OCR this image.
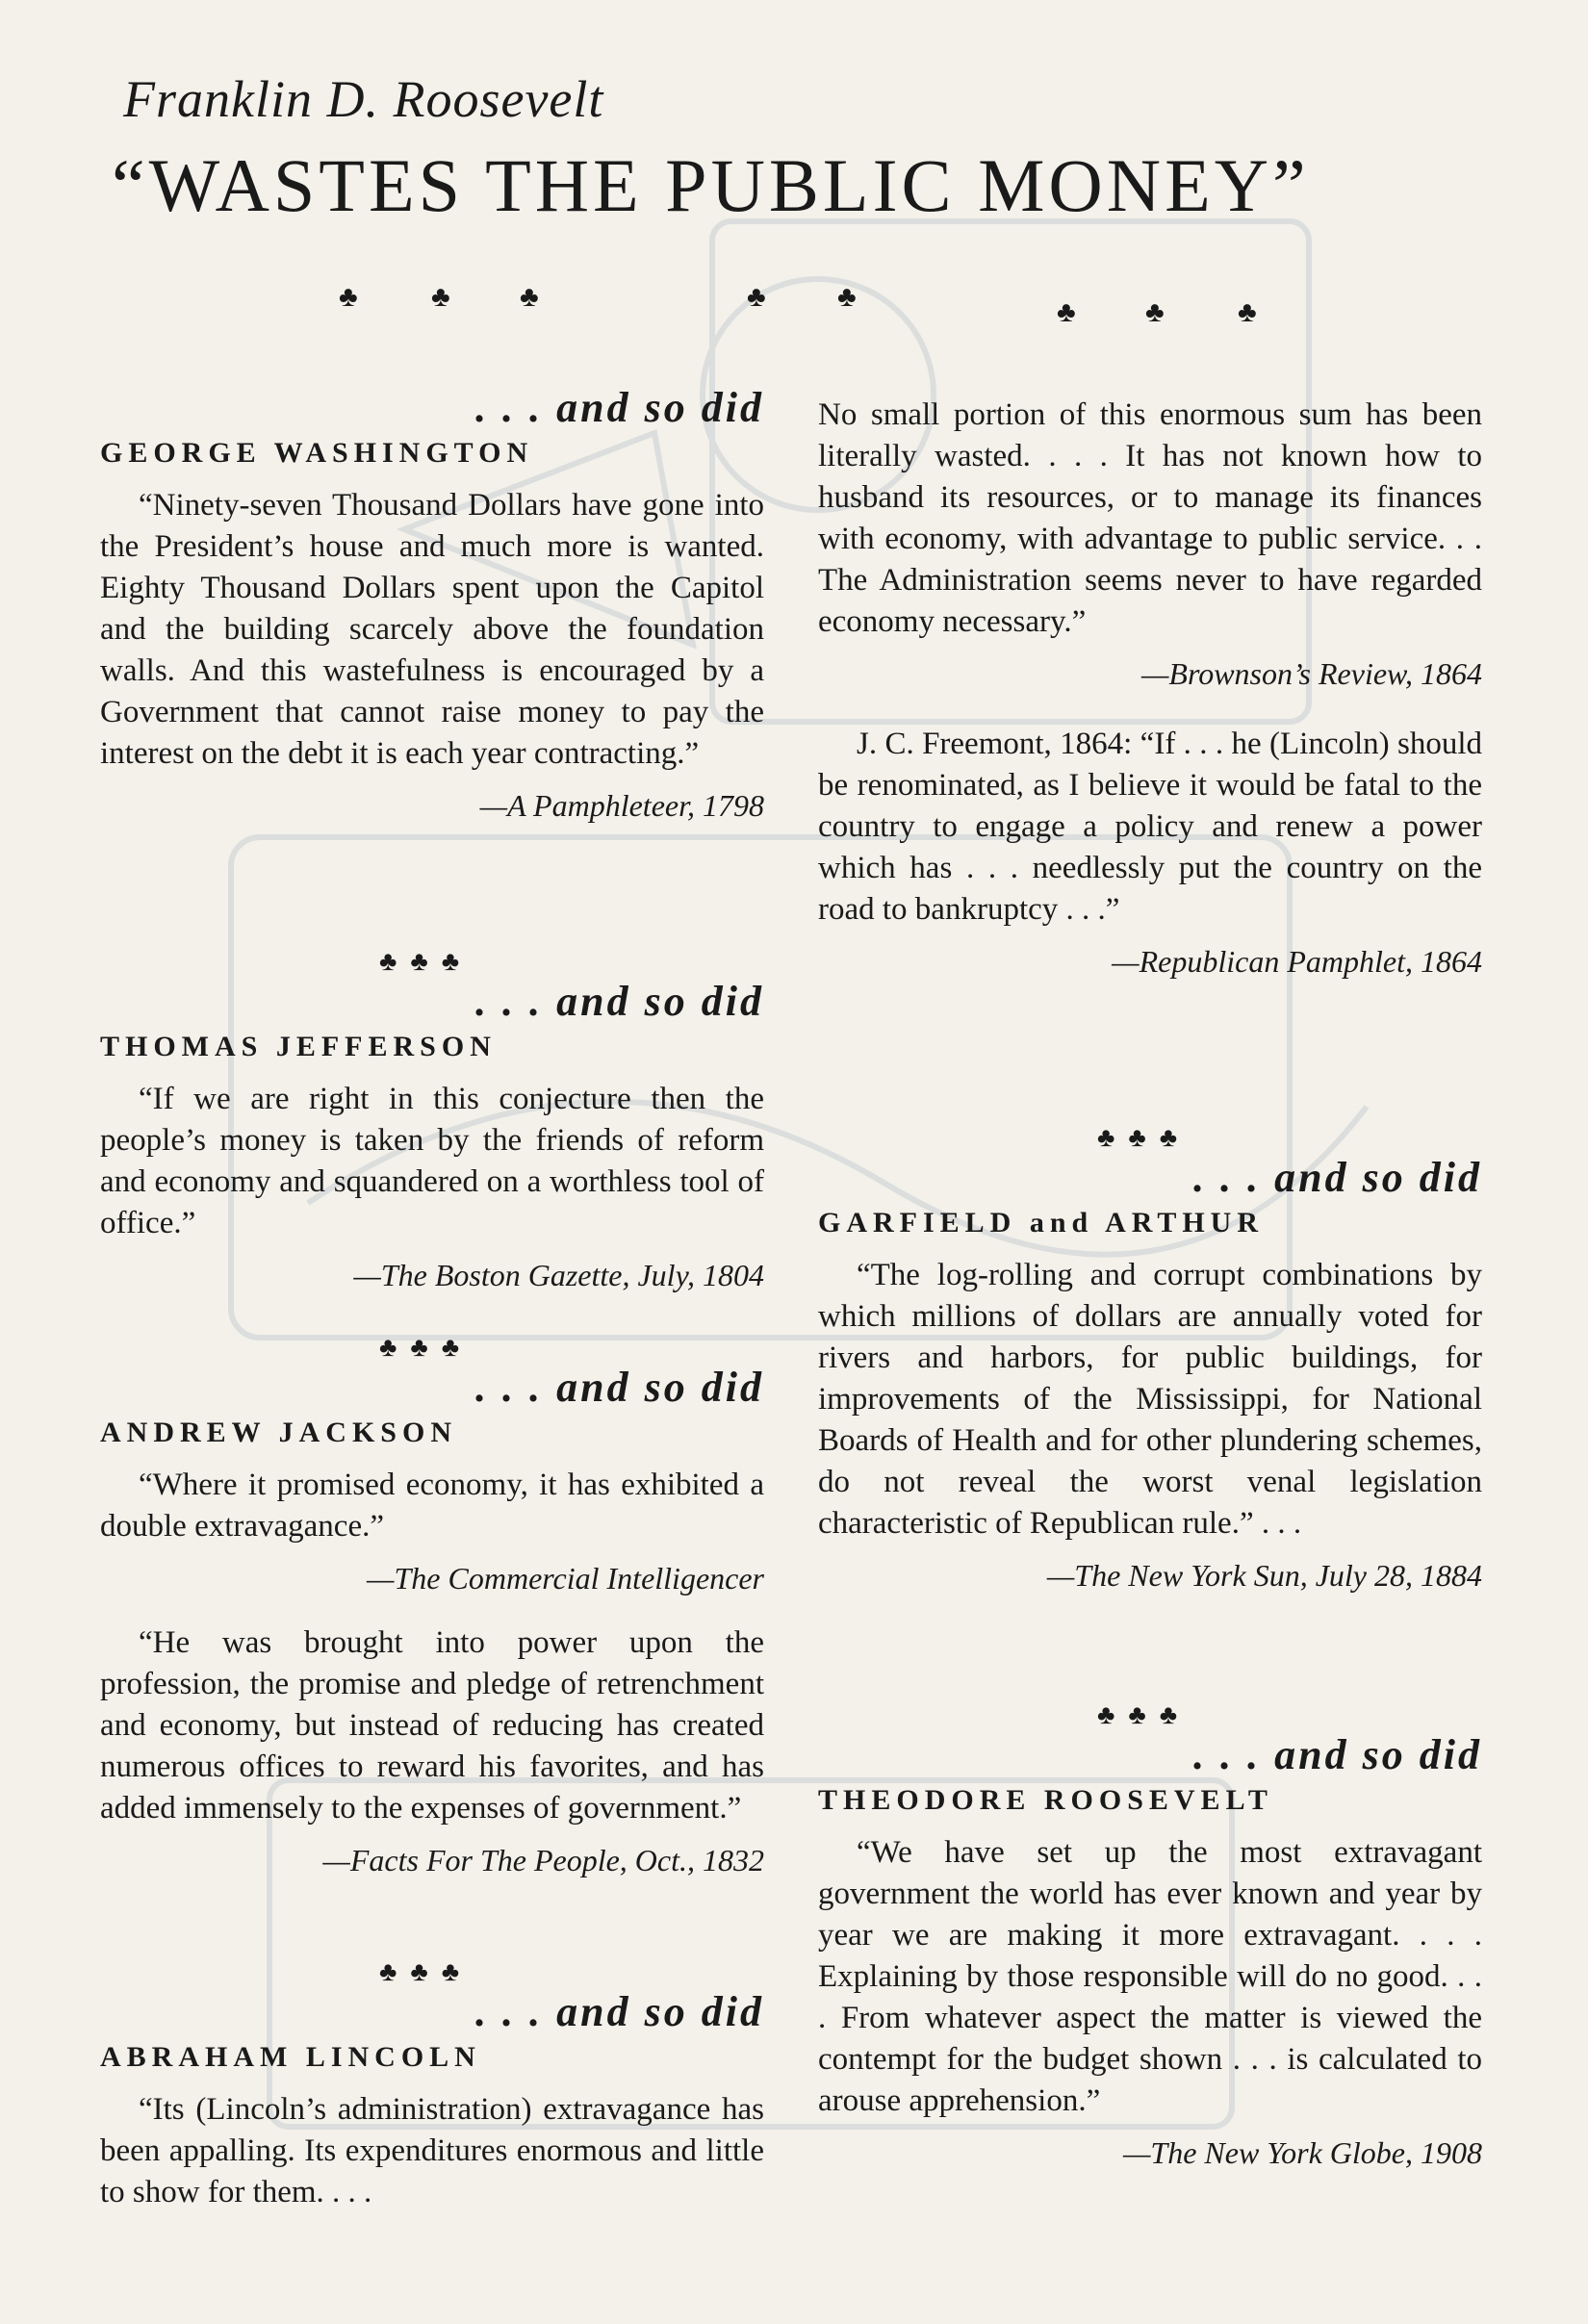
Franklin D. Roosevelt
“WASTES THE PUBLIC MONEY”
♣	♣ ♣	♣ ♣	♣ ♣	♣
. . . and so did
GEORGE WASHINGTON
“Ninety-seven Thousand Dollars have gone into the President’s house and much more is wanted. Eighty Thousand Dollars spent upon the Capitol and the building scarcely above the foundation walls. And this wastefulness is encouraged by a Government that cannot raise money to pay the interest on the debt it is each year contracting.”
—A Pamphleteer, 1798
♣♣♣
. . . and so did
THOMAS JEFFERSON
“If we are right in this conjecture then the people’s money is taken by the friends of reform and economy and squandered on a worthless tool of office.”
—The Boston Gazette, July, 1804
♣♣♣
. . . and so did
ANDREW JACKSON
“Where it promised economy, it has exhibited a double extravagance.”
—The Commercial Intelligencer
“He was brought into power upon the profession, the promise and pledge of retrenchment and economy, but instead of reducing has created numerous offices to reward his favorites, and has added immensely to the expenses of government.”
—Facts For The People, Oct., 1832
♣♣♣
. . . and so did
ABRAHAM LINCOLN
“Its (Lincoln’s administration) extravagance has been appalling. Its expenditures enormous and little to show for them. . . .
No small portion of this enormous sum has been literally wasted. . . . It has not known how to husband its resources, or to manage its finances with economy, with advantage to public service. . . The Administration seems never to have regarded economy necessary.”
—Brownson’s Review, 1864
J. C. Freemont, 1864: “If . . . he (Lincoln) should be renominated, as I believe it would be fatal to the country to engage a policy and renew a power which has . . . needlessly put the country on the road to bankruptcy . . .”
—Republican Pamphlet, 1864
♣♣♣
. . . and so did
GARFIELD and ARTHUR
“The log-rolling and corrupt combinations by which millions of dollars are annually voted for rivers and harbors, for public buildings, for improvements of the Mississippi, for National Boards of Health and for other plundering schemes, do not reveal the worst venal legislation characteristic of Republican rule.” . . .
—The New York Sun, July 28, 1884
♣♣♣
. . . and so did
THEODORE ROOSEVELT
“We have set up the most extravagant government the world has ever known and year by year we are making it more extravagant. . . . Explaining by those responsible will do no good. . . . From whatever aspect the matter is viewed the contempt for the budget shown . . . is calculated to arouse apprehension.”
—The New York Globe, 1908
